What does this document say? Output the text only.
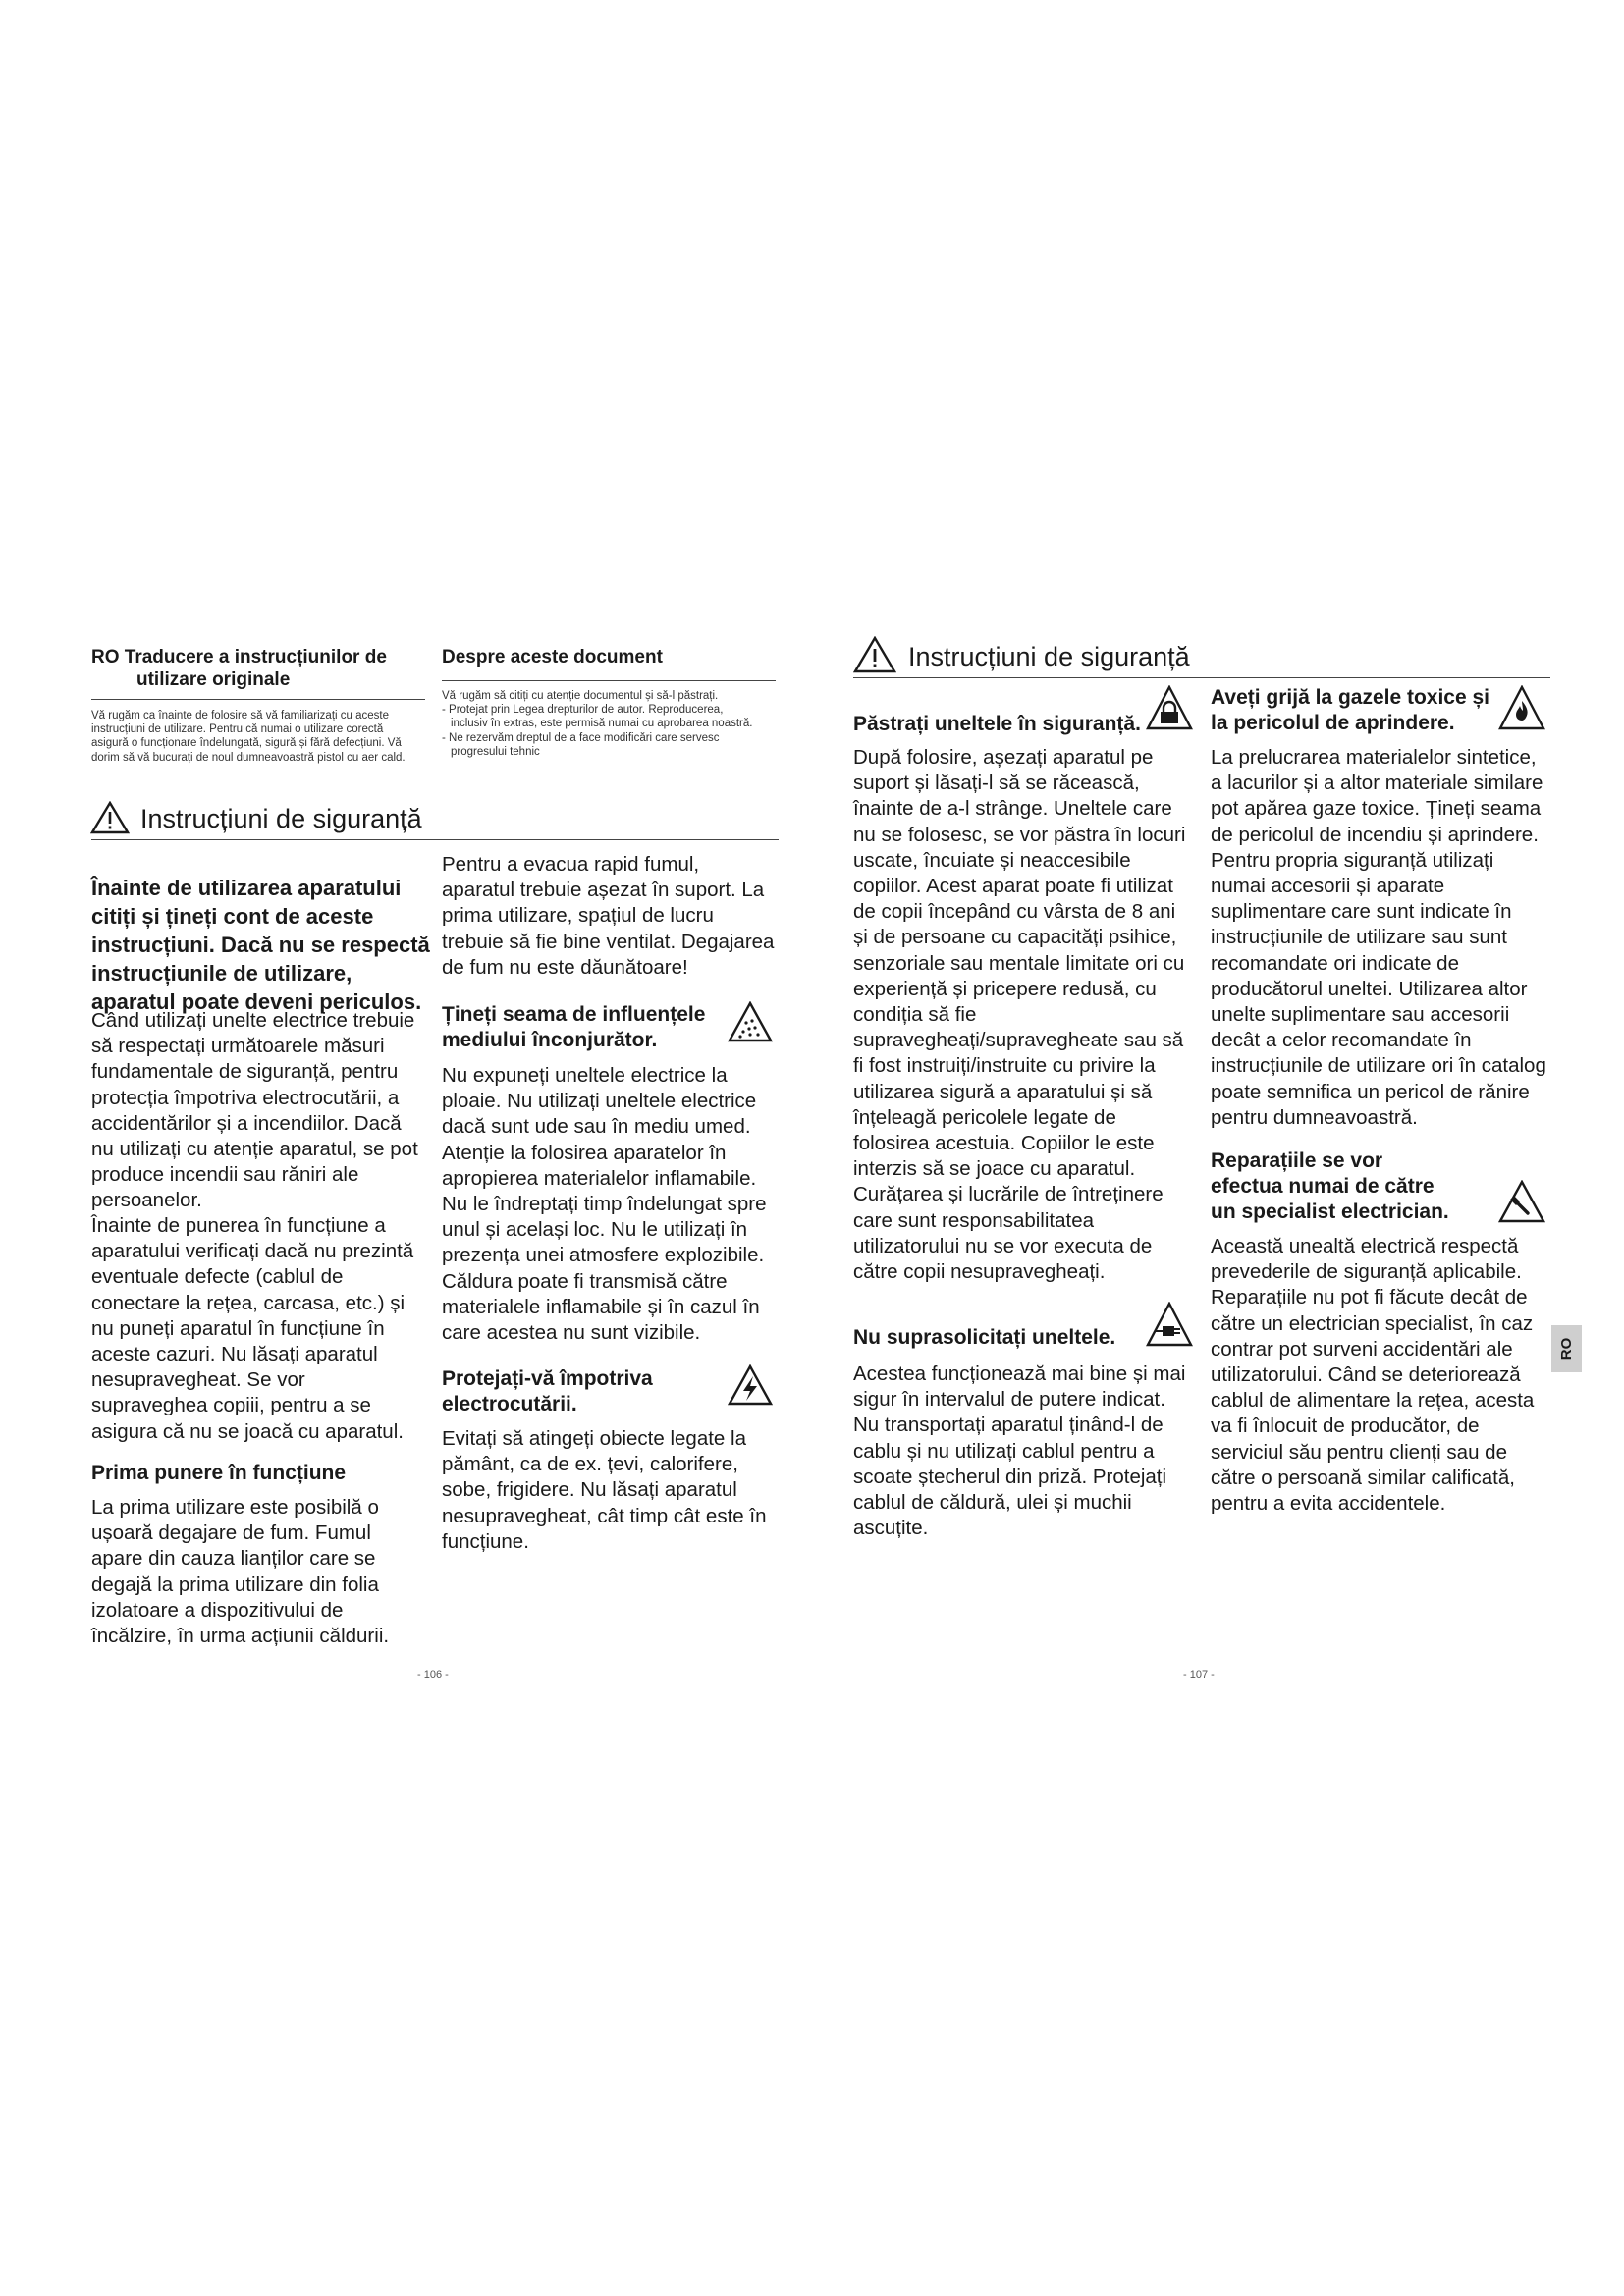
RO Traducere a instrucțiunilor de
utilizare originale

Vă rugăm ca înainte de folosire să vă familiarizați cu aceste instrucțiuni de utilizare. Pentru că numai o utilizare corectă asigură o funcționare îndelungată, sigură și fără defecțiuni. Vă dorim să vă bucurați de noul dumneavoastră pistol cu aer cald.

Despre aceste document

Vă rugăm să citiți cu atenție documentul și să-l păstrați.

- Protejat prin Legea drepturilor de autor. Reproducerea,

inclusiv în extras, este permisă numai cu aprobarea noastră.

- Ne rezervăm dreptul de a face modificări care servesc

progresului tehnic

Instrucțiuni de siguranță

Înainte de utilizarea aparatului citiți și țineți cont de aceste instrucțiuni. Dacă nu se respectă instrucțiunile de utilizare, aparatul poate deveni periculos.

Când utilizați unelte electrice trebuie să respectați următoarele măsuri fundamentale de siguranță, pentru protecția împotriva electrocutării, a accidentărilor și a incendiilor. Dacă nu utilizați cu atenție aparatul, se pot produce incendii sau răniri ale persoanelor.

Înainte de punerea în funcțiune a aparatului verificați dacă nu prezintă eventuale defecte (cablul de conectare la rețea, carcasa, etc.) și nu puneți aparatul în funcțiune în aceste cazuri. Nu lăsați aparatul nesupravegheat. Se vor supraveghea copiii, pentru a se asigura că nu se joacă cu aparatul.

Prima punere în funcțiune

La prima utilizare este posibilă o ușoară degajare de fum. Fumul apare din cauza lianților care se degajă la prima utilizare din folia izolatoare a dispozitivului de încălzire, în urma acțiunii căldurii.

Pentru a evacua rapid fumul, aparatul trebuie așezat în suport. La prima utilizare, spațiul de lucru trebuie să fie bine ventilat. Degajarea de fum nu este dăunătoare!

Țineți seama de influențele mediului înconjurător.

Nu expuneți uneltele electrice la ploaie. Nu utilizați uneltele electrice dacă sunt ude sau în mediu umed. Atenție la folosirea aparatelor în apropierea materialelor inflamabile. Nu le îndreptați timp îndelungat spre unul și același loc. Nu le utilizați în prezența unei atmosfere explozibile. Căldura poate fi transmisă către materialele inflamabile și în cazul în care acestea nu sunt vizibile.

Protejați-vă împotriva electrocutării.

Evitați să atingeți obiecte legate la pământ, ca de ex. țevi, calorifere, sobe, frigidere. Nu lăsați aparatul nesupravegheat, cât timp cât este în funcțiune.

- 106 -
Instrucțiuni de siguranță
Păstrați uneltele în siguranță.

După folosire, așezați aparatul pe suport și lăsați-l să se răcească, înainte de a-l strânge. Uneltele care nu se folosesc, se vor păstra în locuri uscate, încuiate și neaccesibile copiilor. Acest aparat poate fi utilizat de copii începând cu vârsta de 8 ani și de persoane cu capacități psihice, senzoriale sau mentale limitate ori cu experiență și pricepere redusă, cu condiția să fie supravegheați/supravegheate sau să fi fost instruiți/instruite cu privire la utilizarea sigură a aparatului și să înțeleagă pericolele legate de folosirea acestuia. Copiilor le este interzis să se joace cu aparatul. Curățarea și lucrările de întreținere care sunt responsabilitatea utilizatorului nu se vor executa de către copii nesupravegheați.

Nu suprasolicitați uneltele.

Acestea funcționează mai bine și mai sigur în intervalul de putere indicat. Nu transportați aparatul ținând-l de cablu și nu utilizați cablul pentru a scoate ștecherul din priză. Protejați cablul de căldură, ulei și muchii ascuțite.

Aveți grijă la gazele toxice și la pericolul de aprindere.

La prelucrarea materialelor sintetice, a lacurilor și a altor materiale similare pot apărea gaze toxice. Țineți seama de pericolul de incendiu și aprindere. Pentru propria siguranță utilizați numai accesorii și aparate suplimentare care sunt indicate în instrucțiunile de utilizare sau sunt recomandate ori indicate de producătorul uneltei. Utilizarea altor unelte suplimentare sau accesorii decât a celor recomandate în instrucțiunile de utilizare ori în catalog poate semnifica un pericol de rănire pentru dumneavoastră.

Reparațiile se vor efectua numai de către un specialist electrician.

Această unealtă electrică respectă prevederile de siguranță aplicabile. Reparațiile nu pot fi făcute decât de către un electrician specialist, în caz contrar pot surveni accidentări ale utilizatorului. Când se deteriorează cablul de alimentare la rețea, acesta va fi înlocuit de producător, de serviciul său pentru clienți sau de către o persoană similar calificată, pentru a evita accidentele.

RO
- 107 -
